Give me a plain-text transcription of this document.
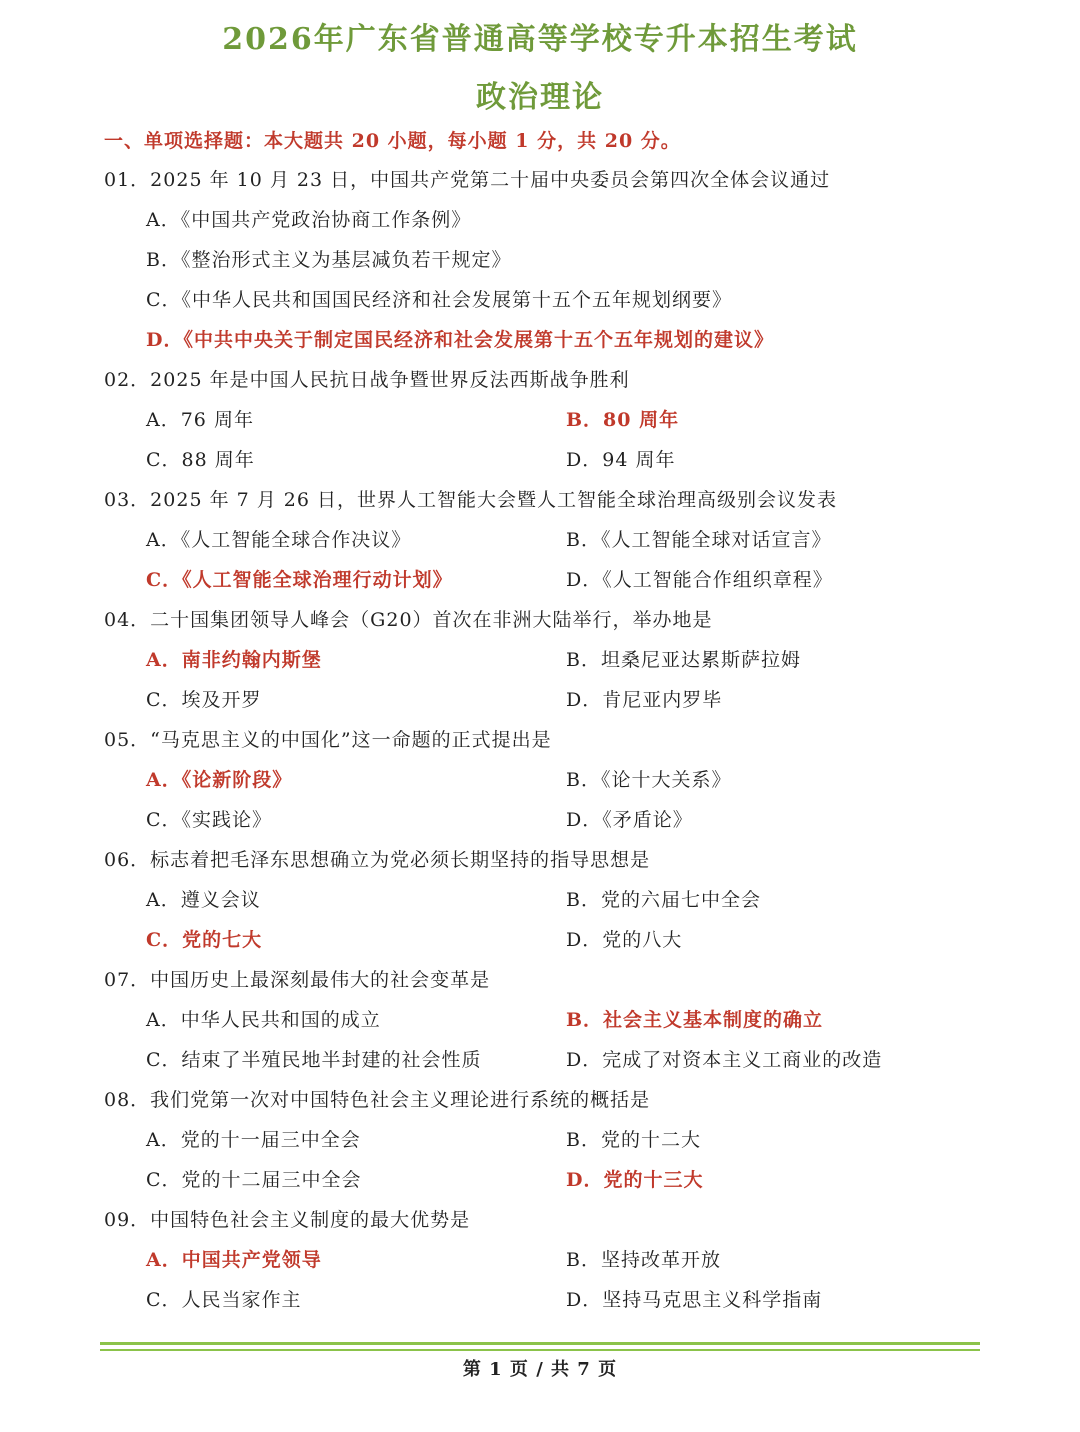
2026年广东省普通高等学校专升本招生考试
政治理论
一、单项选择题：本大题共 20 小题，每小题 1 分，共 20 分。
01．2025 年 10 月 23 日，中国共产党第二十届中央委员会第四次全体会议通过
A．《中国共产党政治协商工作条例》
B．《整治形式主义为基层减负若干规定》
C．《中华人民共和国国民经济和社会发展第十五个五年规划纲要》
D．《中共中央关于制定国民经济和社会发展第十五个五年规划的建议》
02．2025 年是中国人民抗日战争暨世界反法西斯战争胜利
A．76 周年	B．80 周年
C．88 周年	D．94 周年
03．2025 年 7 月 26 日，世界人工智能大会暨人工智能全球治理高级别会议发表
A．《人工智能全球合作决议》	B．《人工智能全球对话宣言》
C．《人工智能全球治理行动计划》	D．《人工智能合作组织章程》
04．二十国集团领导人峰会（G20）首次在非洲大陆举行，举办地是
A．南非约翰内斯堡	B．坦桑尼亚达累斯萨拉姆
C．埃及开罗	D．肯尼亚内罗毕
05．“马克思主义的中国化”这一命题的正式提出是
A．《论新阶段》	B．《论十大关系》
C．《实践论》	D．《矛盾论》
06．标志着把毛泽东思想确立为党必须长期坚持的指导思想是
A．遵义会议	B．党的六届七中全会
C．党的七大	D．党的八大
07．中国历史上最深刻最伟大的社会变革是
A．中华人民共和国的成立	B．社会主义基本制度的确立
C．结束了半殖民地半封建的社会性质	D．完成了对资本主义工商业的改造
08．我们党第一次对中国特色社会主义理论进行系统的概括是
A．党的十一届三中全会	B．党的十二大
C．党的十二届三中全会	D．党的十三大
09．中国特色社会主义制度的最大优势是
A．中国共产党领导	B．坚持改革开放
C．人民当家作主	D．坚持马克思主义科学指南
第 1 页 / 共 7 页
